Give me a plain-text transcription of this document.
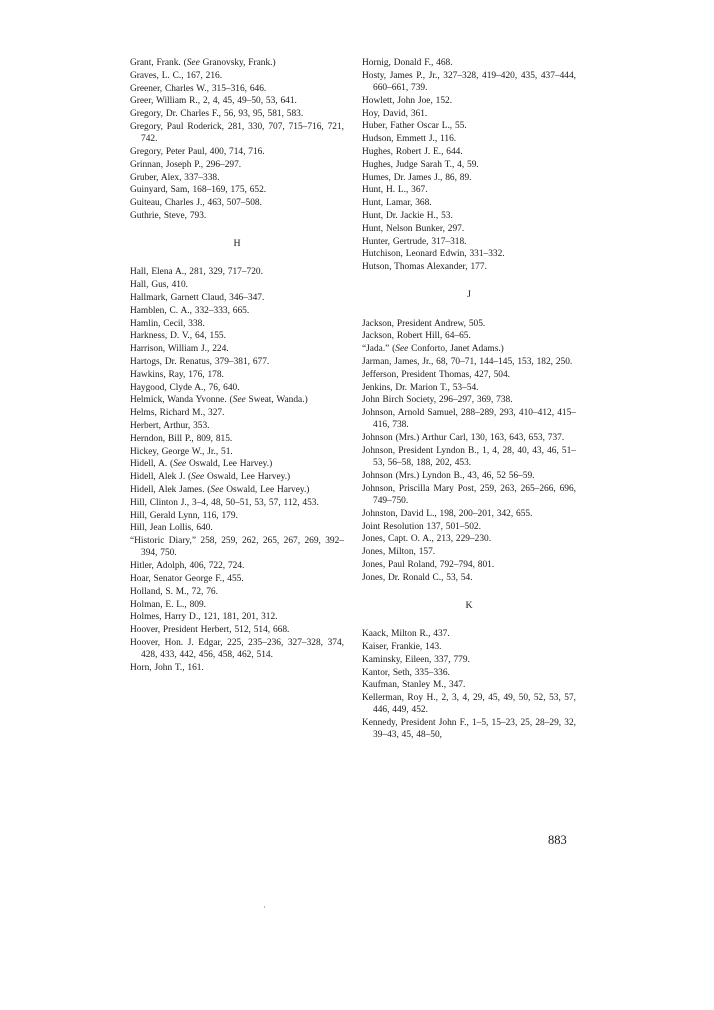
Grant, Frank. (See Granovsky, Frank.)
Graves, L. C., 167, 216.
Greener, Charles W., 315–316, 646.
Greer, William R., 2, 4, 45, 49–50, 53, 641.
Gregory, Dr. Charles F., 56, 93, 95, 581, 583.
Gregory, Paul Roderick, 281, 330, 707, 715–716, 721, 742.
Gregory, Peter Paul, 400, 714, 716.
Grinnan, Joseph P., 296–297.
Gruber, Alex, 337–338.
Guinyard, Sam, 168–169, 175, 652.
Guiteau, Charles J., 463, 507–508.
Guthrie, Steve, 793.
H
Hall, Elena A., 281, 329, 717–720.
Hall, Gus, 410.
Hallmark, Garnett Claud, 346–347.
Hamblen, C. A., 332–333, 665.
Hamlin, Cecil, 338.
Harkness, D. V., 64, 155.
Harrison, William J., 224.
Hartogs, Dr. Renatus, 379–381, 677.
Hawkins, Ray, 176, 178.
Haygood, Clyde A., 76, 640.
Helmick, Wanda Yvonne. (See Sweat, Wanda.)
Helms, Richard M., 327.
Herbert, Arthur, 353.
Herndon, Bill P., 809, 815.
Hickey, George W., Jr., 51.
Hidell, A. (See Oswald, Lee Harvey.)
Hidell, Alek J. (See Oswald, Lee Harvey.)
Hidell, Alek James. (See Oswald, Lee Harvey.)
Hill, Clinton J., 3–4, 48, 50–51, 53, 57, 112, 453.
Hill, Gerald Lynn, 116, 179.
Hill, Jean Lollis, 640.
“Historic Diary,” 258, 259, 262, 265, 267, 269, 392–394, 750.
Hitler, Adolph, 406, 722, 724.
Hoar, Senator George F., 455.
Holland, S. M., 72, 76.
Holman, E. L., 809.
Holmes, Harry D., 121, 181, 201, 312.
Hoover, President Herbert, 512, 514, 668.
Hoover, Hon. J. Edgar, 225, 235–236, 327–328, 374, 428, 433, 442, 456, 458, 462, 514.
Horn, John T., 161.
Hornig, Donald F., 468.
Hosty, James P., Jr., 327–328, 419–420, 435, 437–444, 660–661, 739.
Howlett, John Joe, 152.
Hoy, David, 361.
Huber, Father Oscar L., 55.
Hudson, Emmett J., 116.
Hughes, Robert J. E., 644.
Hughes, Judge Sarah T., 4, 59.
Humes, Dr. James J., 86, 89.
Hunt, H. L., 367.
Hunt, Lamar, 368.
Hunt, Dr. Jackie H., 53.
Hunt, Nelson Bunker, 297.
Hunter, Gertrude, 317–318.
Hutchison, Leonard Edwin, 331–332.
Hutson, Thomas Alexander, 177.
J
Jackson, President Andrew, 505.
Jackson, Robert Hill, 64–65.
“Jada.” (See Conforto, Janet Adams.)
Jarman, James, Jr., 68, 70–71, 144–145, 153, 182, 250.
Jefferson, President Thomas, 427, 504.
Jenkins, Dr. Marion T., 53–54.
John Birch Society, 296–297, 369, 738.
Johnson, Arnold Samuel, 288–289, 293, 410–412, 415–416, 738.
Johnson (Mrs.) Arthur Carl, 130, 163, 643, 653, 737.
Johnson, President Lyndon B., 1, 4, 28, 40, 43, 46, 51–53, 56–58, 188, 202, 453.
Johnson (Mrs.) Lyndon B., 43, 46, 52 56–59.
Johnson, Priscilla Mary Post, 259, 263, 265–266, 696, 749–750.
Johnston, David L., 198, 200–201, 342, 655.
Joint Resolution 137, 501–502.
Jones, Capt. O. A., 213, 229–230.
Jones, Milton, 157.
Jones, Paul Roland, 792–794, 801.
Jones, Dr. Ronald C., 53, 54.
K
Kaack, Milton R., 437.
Kaiser, Frankie, 143.
Kaminsky, Eileen, 337, 779.
Kantor, Seth, 335–336.
Kaufman, Stanley M., 347.
Kellerman, Roy H., 2, 3, 4, 29, 45, 49, 50, 52, 53, 57, 446, 449, 452.
Kennedy, President John F., 1–5, 15–23, 25, 28–29, 32, 39–43, 45, 48–50,
883
